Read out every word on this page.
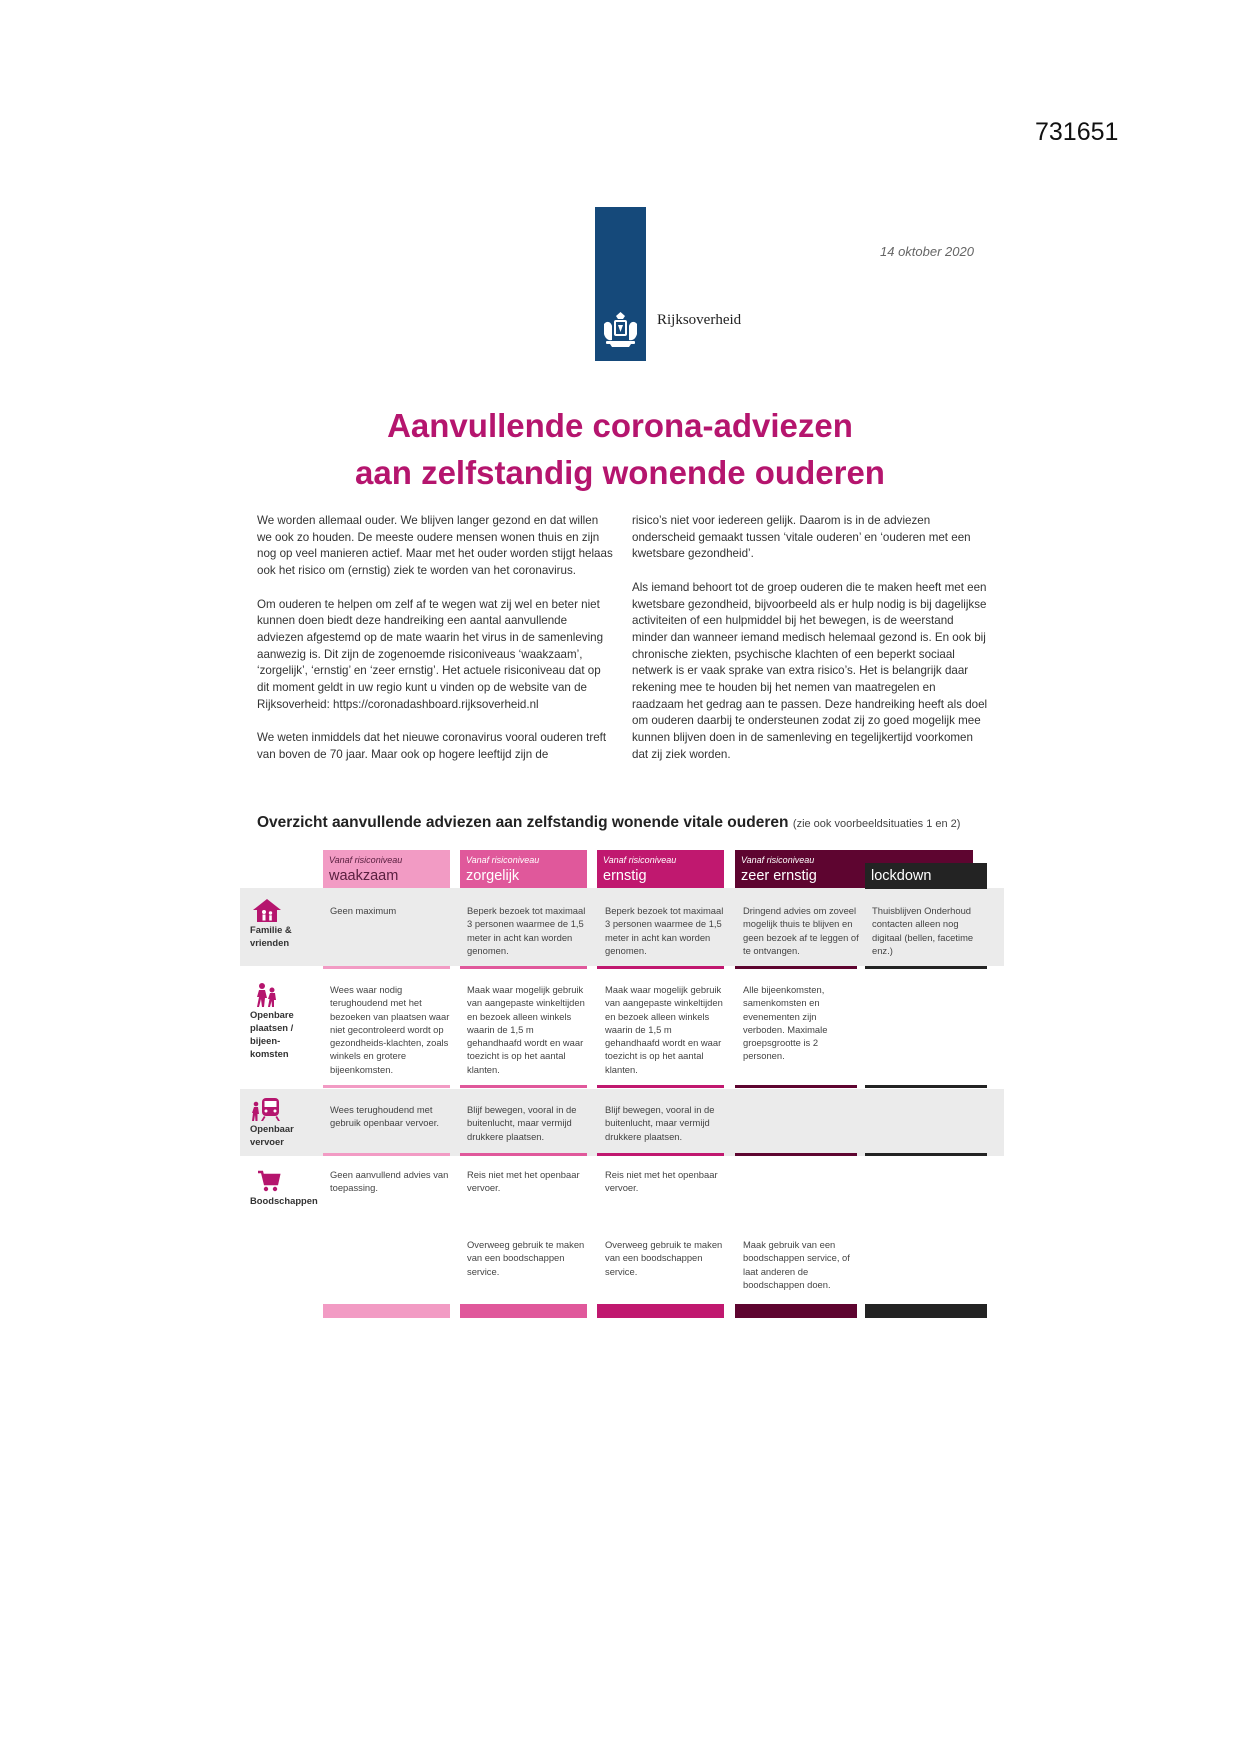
731651
Rijksoverheid
14 oktober 2020
Aanvullende corona-adviezen
aan zelfstandig wonende ouderen

We worden allemaal ouder. We blijven langer gezond en dat willen we ook zo houden. De meeste oudere mensen wonen thuis en zijn nog op veel manieren actief. Maar met het ouder worden stijgt helaas ook het risico om (ernstig) ziek te worden van het coronavirus.

Om ouderen te helpen om zelf af te wegen wat zij wel en beter niet kunnen doen biedt deze handreiking een aantal aanvullende adviezen afgestemd op de mate waarin het virus in de samenleving aanwezig is. Dit zijn de zogenoemde risiconiveaus ‘waakzaam’, ‘zorgelijk’, ‘ernstig’ en ‘zeer ernstig’. Het actuele risiconiveau dat op dit moment geldt in uw regio kunt u vinden op de website van de Rijksoverheid: https://coronadashboard.rijksoverheid.nl

We weten inmiddels dat het nieuwe coronavirus vooral ouderen treft van boven de 70 jaar. Maar ook op hogere leeftijd zijn de

risico’s niet voor iedereen gelijk. Daarom is in de adviezen onderscheid gemaakt tussen ‘vitale ouderen’ en ‘ouderen met een kwetsbare gezondheid’.

Als iemand behoort tot de groep ouderen die te maken heeft met een kwetsbare gezondheid, bijvoorbeeld als er hulp nodig is bij dagelijkse activiteiten of een hulpmiddel bij het bewegen, is de weerstand minder dan wanneer iemand medisch helemaal gezond is. En ook bij chronische ziekten, psychische klachten of een beperkt sociaal netwerk is er vaak sprake van extra risico’s. Het is belangrijk daar rekening mee te houden bij het nemen van maatregelen en raadzaam het gedrag aan te passen. Deze handreiking heeft als doel om ouderen daarbij te ondersteunen zodat zij zo goed mogelijk mee kunnen blijven doen in de samenleving en tegelijkertijd voorkomen dat zij ziek worden.

Overzicht aanvullende adviezen aan zelfstandig wonende vitale ouderen (zie ook voorbeeldsituaties 1 en 2)
Vanaf risiconiveau
waakzaam
Vanaf risiconiveau
zorgelijk
Vanaf risiconiveau
ernstig
Vanaf risiconiveau
zeer ernstig	lockdown
Familie &
vrienden
Openbare
plaatsen /
bijeen-
komsten
Openbaar
vervoer
Boodschappen
Geen maximum	Beperk bezoek tot maximaal 3 personen waarmee de 1,5 meter in acht kan worden genomen.
Beperk bezoek tot maximaal 3 personen waarmee de 1,5 meter in acht kan worden genomen.
Dringend advies om zoveel mogelijk thuis te blijven en geen bezoek af te leggen of te ontvangen.
Thuisblijven Onderhoud contacten alleen nog digitaal (bellen, facetime enz.)
Wees waar nodig terughoudend met het bezoeken van plaatsen waar niet gecontroleerd wordt op gezondheids-klachten, zoals winkels en grotere bijeenkomsten.
Maak waar mogelijk gebruik van aangepaste winkeltijden en bezoek alleen winkels waarin de 1,5 m gehandhaafd wordt en waar toezicht is op het aantal klanten.
Maak waar mogelijk gebruik van aangepaste winkeltijden en bezoek alleen winkels waarin de 1,5 m gehandhaafd wordt en waar toezicht is op het aantal klanten.
Alle bijeenkomsten, samenkomsten en evenementen zijn verboden. Maximale groepsgrootte is 2 personen.
Wees terughoudend met gebruik openbaar vervoer.
Blijf bewegen, vooral in de buitenlucht, maar vermijd drukkere plaatsen.
Blijf bewegen, vooral in de buitenlucht, maar vermijd drukkere plaatsen.
Geen aanvullend advies van toepassing.
Reis niet met het openbaar vervoer.
Reis niet met het openbaar vervoer.
Overweeg gebruik te maken van een boodschappen service.
Overweeg gebruik te maken van een boodschappen service.
Maak gebruik van een boodschappen service, of laat anderen de boodschappen doen.
